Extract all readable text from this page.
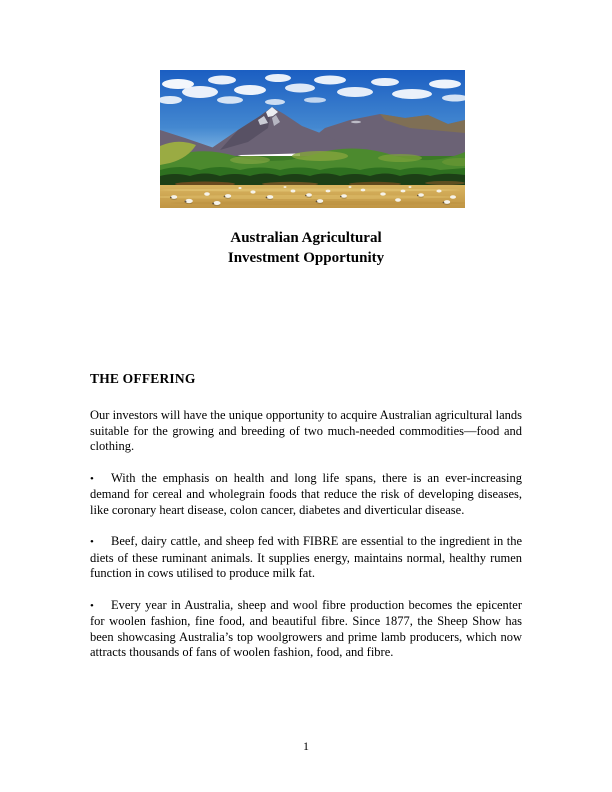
Australian Agricultural
Investment Opportunity
THE OFFERING

Our investors will have the unique opportunity to acquire Australian agricultural lands suitable for the growing and breeding of two much-needed commodities—food and clothing.

• With the emphasis on health and long life spans, there is an ever-increasing demand for cereal and wholegrain foods that reduce the risk of developing diseases, like coronary heart disease, colon cancer, diabetes and diverticular disease.

• Beef, dairy cattle, and sheep fed with FIBRE are essential to the ingredient in the diets of these ruminant animals. It supplies energy, maintains normal, healthy rumen function in cows utilised to produce milk fat.

• Every year in Australia, sheep and wool fibre production becomes the epicenter for woolen fashion, fine food, and beautiful fibre. Since 1877, the Sheep Show has been showcasing Australia’s top woolgrowers and prime lamb producers, which now attracts thousands of fans of woolen fashion, food, and fibre.

1
